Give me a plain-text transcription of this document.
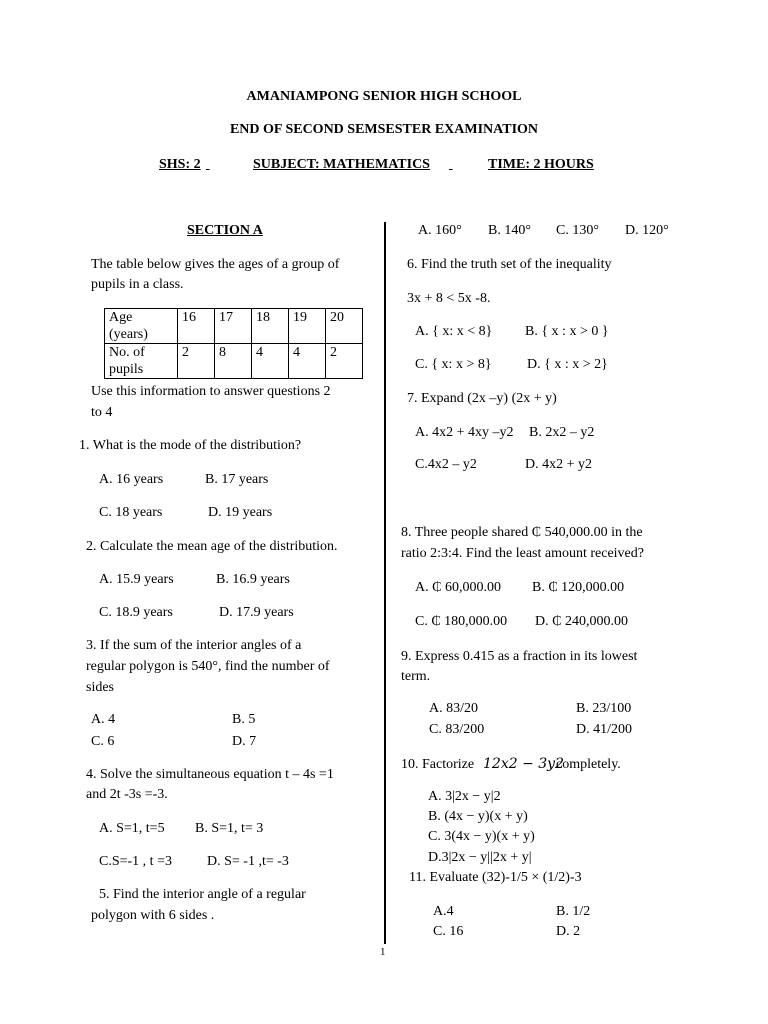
AMANIAMPONG SENIOR HIGH SCHOOL
END OF SECOND SEMSESTER EXAMINATION
SHS: 2
	SUBJECT: MATHEMATICS
	TIME: 2 HOURS
SECTION A
The table below gives the ages of a group of
pupils in a class.
Age (years)	16	17	18	19	20
No. of pupils	2	8	4	4	2
Use this information to answer questions 2
to 4
1. What is the mode of the distribution?
A. 16 years	B. 17 years
C. 18 years	D. 19 years
2. Calculate the mean age of the distribution.
A. 15.9 years	B. 16.9 years
C. 18.9 years	D. 17.9 years
3. If the sum of the interior angles of a
regular polygon is 540°, find the number of
sides
A. 4	B. 5
C. 6	D. 7
4. Solve the simultaneous equation t – 4s =1
and 2t -3s =-3.
A. S=1, t=5 B. S=1, t= 3
C.S=-1 , t =3	D. S= -1 ,t= -3
5. Find the interior angle of a regular
polygon with 6 sides .
A. 160° B. 140° C. 130° D. 120°
6. Find the truth set of the inequality
3x + 8 < 5x -8.
A. { x: x < 8} B. { x : x > 0 }
C. { x: x > 8}	D. { x : x > 2}
7. Expand (2x –y) (2x + y)
A. 4x2 + 4xy –y2 B. 2x2 – y2
C.4x2 – y2	D. 4x2 + y2
8. Three people shared ₵ 540,000.00 in the
ratio 2:3:4. Find the least amount received?
A. ₵ 60,000.00 B. ₵ 120,000.00
C. ₵ 180,000.00 D. ₵ 240,000.00
9. Express 0.415 as a fraction in its lowest
term.
A. 83/20	B. 23/100
C. 83/200	D. 41/200
10. Factorize 12x2 − 3y2
completely.
A. 3|2x − y|2
B. (4x − y)(x + y)
C. 3(4x − y)(x + y)
D.3|2x − y||2x + y|
11. Evaluate (32)-1/5 × (1/2)-3
A.4	B. 1/2
C. 16	D. 2
1
